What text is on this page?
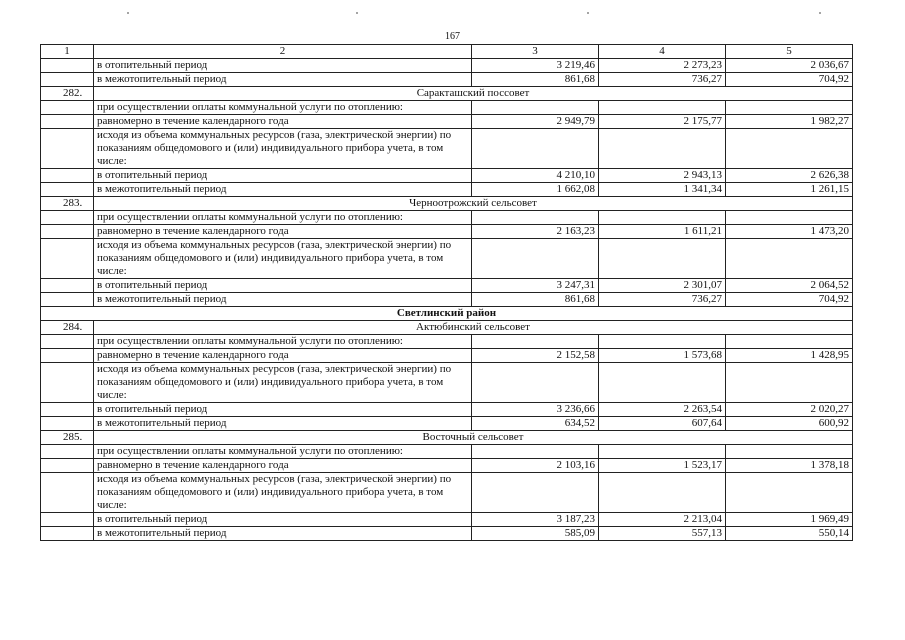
167
1	2	3	4	5
	в отопительный период	3 219,46	2 273,23	2 036,67
	в межотопительный период	861,68	736,27	704,92
282.	Саракташский поссовет			
	при осуществлении оплаты коммунальной услуги по отоплению:			
	равномерно в течение календарного года	2 949,79	2 175,77	1 982,27
	исходя из объема коммунальных ресурсов (газа, электрической энергии) по показаниям общедомового и (или) индивидуального прибора учета, в том числе:			
	в отопительный период	4 210,10	2 943,13	2 626,38
	в межотопительный период	1 662,08	1 341,34	1 261,15
283.	Черноотрожский сельсовет			
	при осуществлении оплаты коммунальной услуги по отоплению:			
	равномерно в течение календарного года	2 163,23	1 611,21	1 473,20
	исходя из объема коммунальных ресурсов (газа, электрической энергии) по показаниям общедомового и (или) индивидуального прибора учета, в том числе:			
	в отопительный период	3 247,31	2 301,07	2 064,52
	в межотопительный период	861,68	736,27	704,92
Светлинский район				
284.	Актюбинский сельсовет			
	при осуществлении оплаты коммунальной услуги по отоплению:			
	равномерно в течение календарного года	2 152,58	1 573,68	1 428,95
	исходя из объема коммунальных ресурсов (газа, электрической энергии) по показаниям общедомового и (или) индивидуального прибора учета, в том числе:			
	в отопительный период	3 236,66	2 263,54	2 020,27
	в межотопительный период	634,52	607,64	600,92
285.	Восточный сельсовет			
	при осуществлении оплаты коммунальной услуги по отоплению:			
	равномерно в течение календарного года	2 103,16	1 523,17	1 378,18
	исходя из объема коммунальных ресурсов (газа, электрической энергии) по показаниям общедомового и (или) индивидуального прибора учета, в том числе:			
	в отопительный период	3 187,23	2 213,04	1 969,49
	в межотопительный период	585,09	557,13	550,14
